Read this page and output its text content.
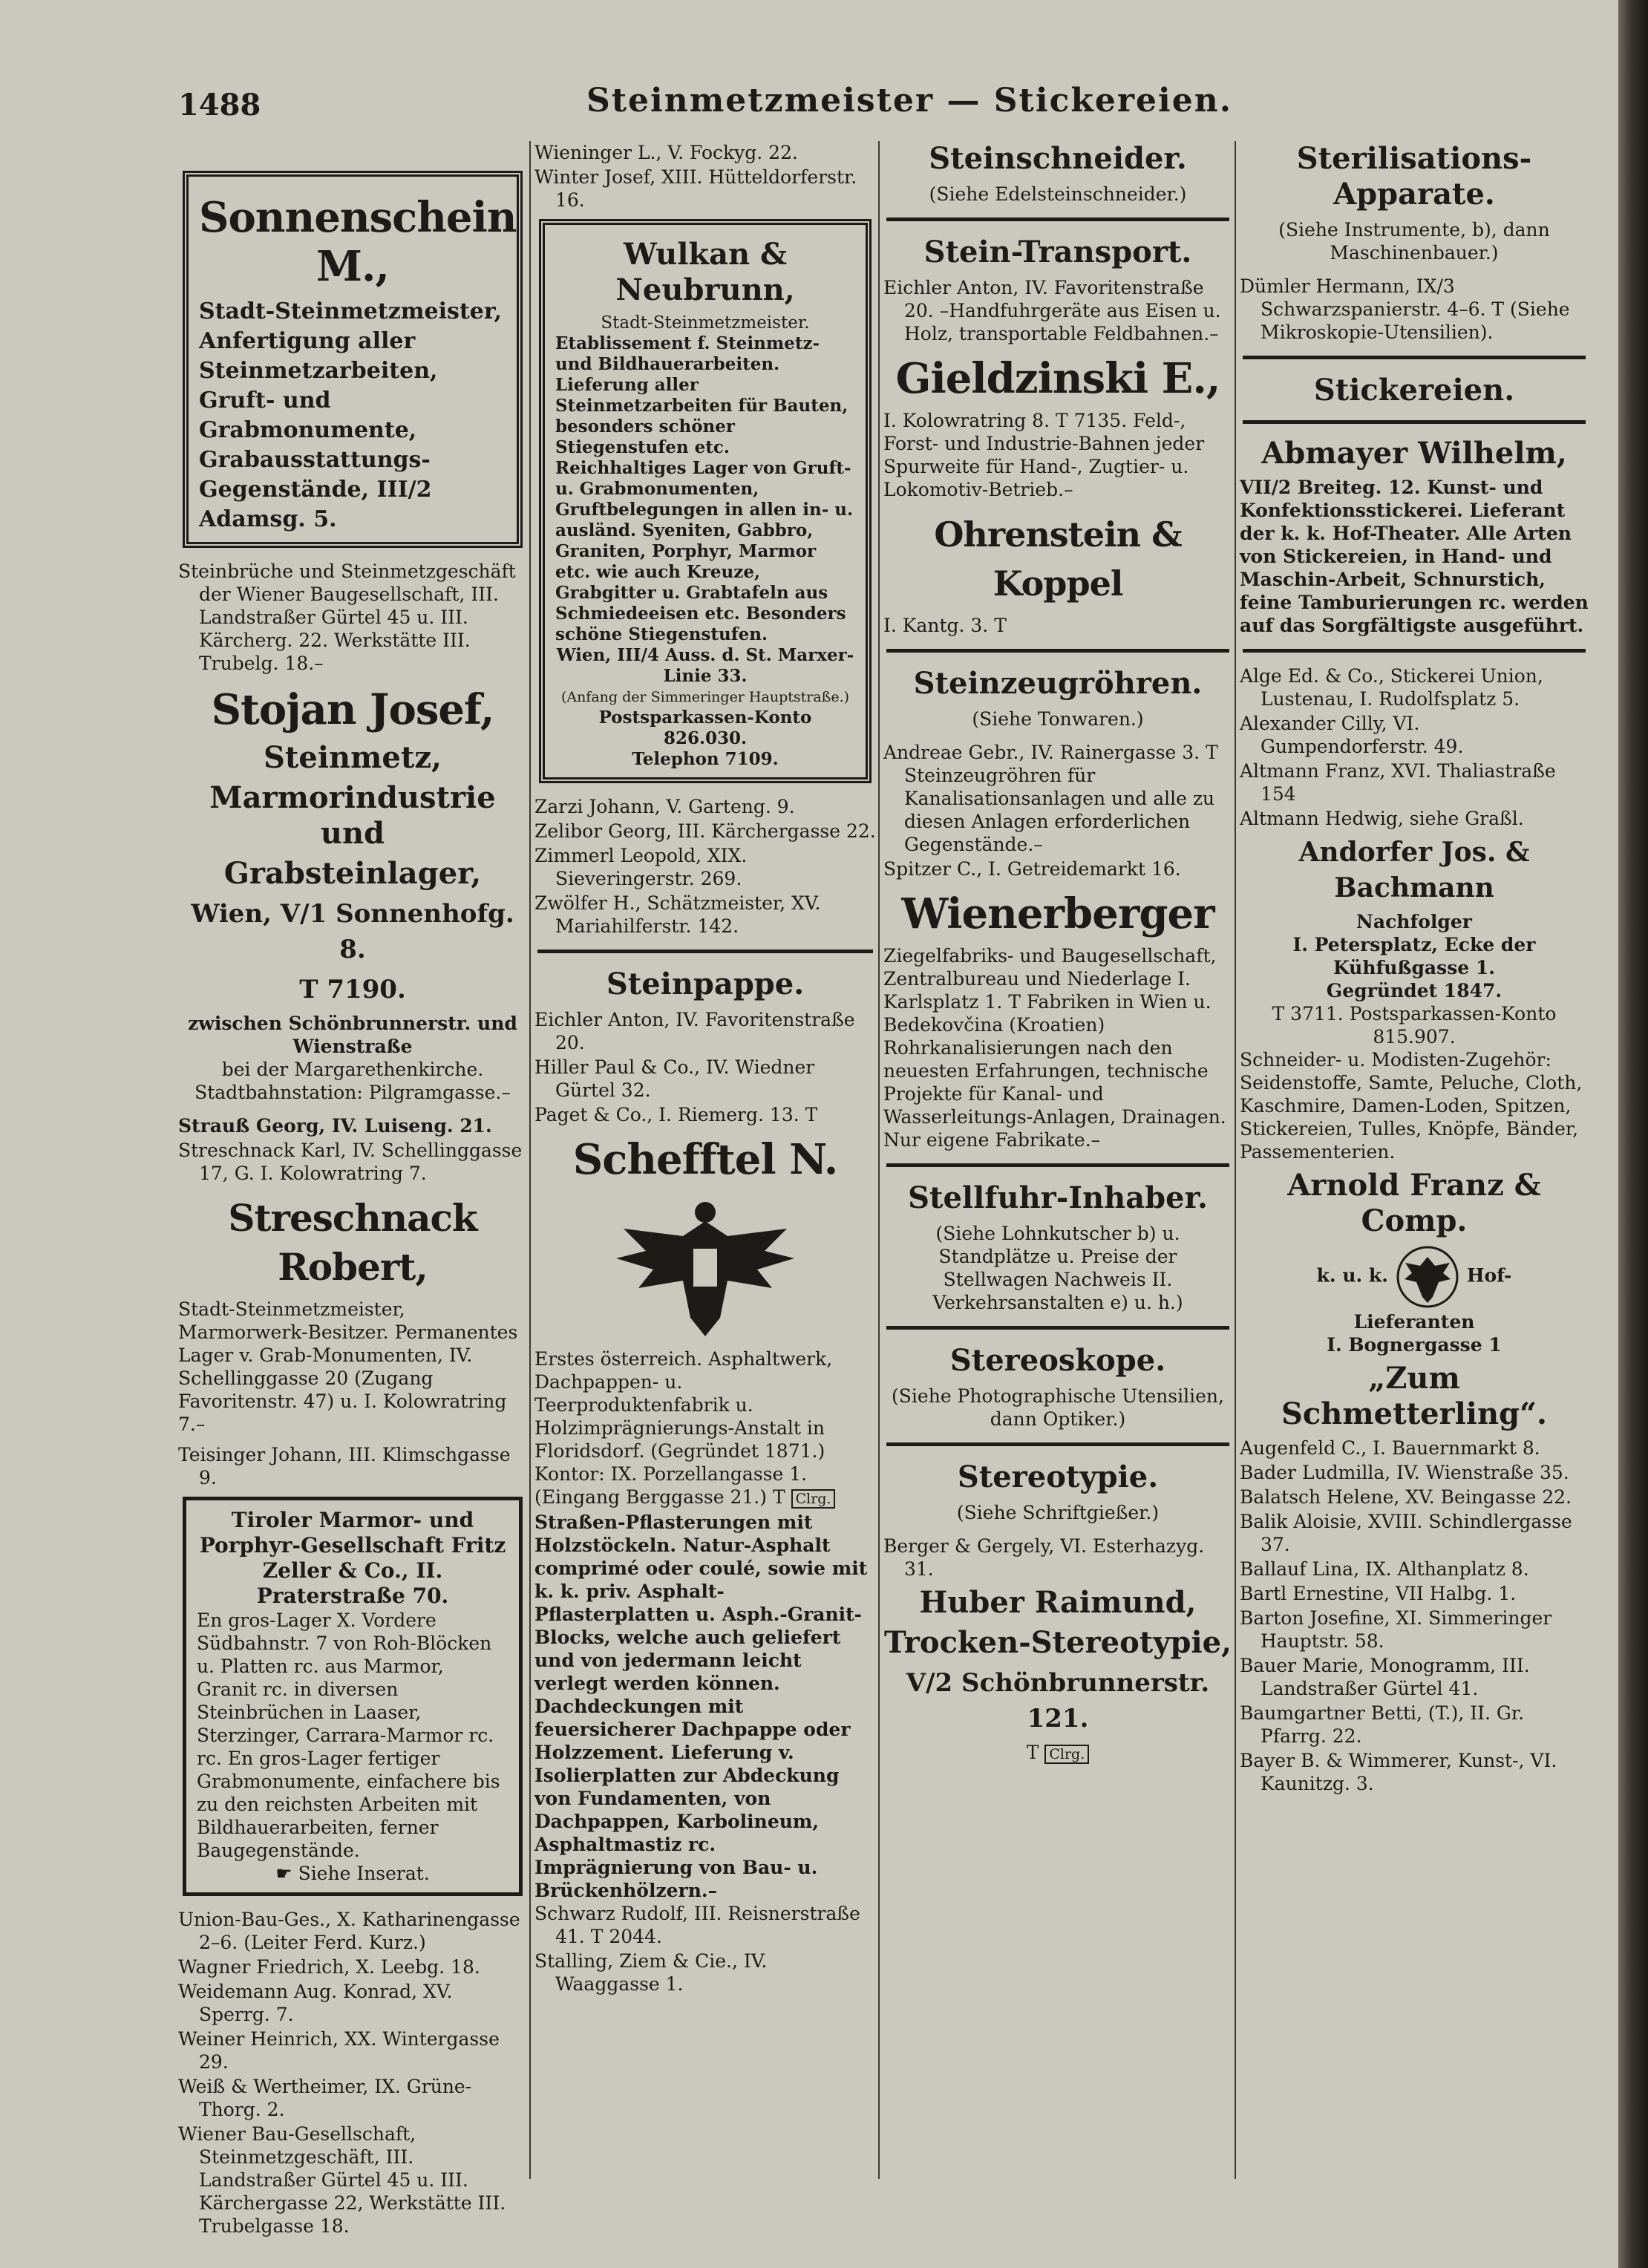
1488	Steinmetzmeister — Stickereien.
Sonnenschein M.,
Stadt-Steinmetzmeister, Anfertigung aller Steinmetzarbeiten, Gruft- und Grabmonumente, Grabausstattungs-Gegenstände, III/2 Adamsg. 5.

Steinbrüche und Steinmetzgeschäft der Wiener Baugesellschaft, III. Landstraßer Gürtel 45 u. III. Kärcherg. 22. Werkstätte III. Trubelg. 18.–

Stojan Josef,
Steinmetz,
Marmorindustrie und
Grabsteinlager,
Wien, V/1 Sonnenhofg. 8.
T 7190.
zwischen Schönbrunnerstr. und Wienstraße
bei der Margarethenkirche.
Stadtbahnstation: Pilgramgasse.–

Strauß Georg, IV. Luiseng. 21.

Streschnack Karl, IV. Schellinggasse 17, G. I. Kolowratring 7.

Streschnack Robert,
Stadt-Steinmetzmeister, Marmorwerk-Besitzer. Permanentes Lager v. Grab-Monumenten, IV. Schellinggasse 20 (Zugang Favoritenstr. 47) u. I. Kolowratring 7.–

Teisinger Johann, III. Klimschgasse 9.

Tiroler Marmor- und Porphyr-Gesellschaft Fritz Zeller & Co., II. Praterstraße 70.
En gros-Lager X. Vordere Südbahnstr. 7 von Roh-Blöcken u. Platten rc. aus Marmor, Granit rc. in diversen Steinbrüchen in Laaser, Sterzinger, Carrara-Marmor rc. rc. En gros-Lager fertiger Grabmonumente, einfachere bis zu den reichsten Arbeiten mit Bildhauerarbeiten, ferner Baugegenstände.
☛ Siehe Inserat.

Union-Bau-Ges., X. Katharinengasse 2–6. (Leiter Ferd. Kurz.)

Wagner Friedrich, X. Leebg. 18.

Weidemann Aug. Konrad, XV. Sperrg. 7.

Weiner Heinrich, XX. Wintergasse 29.

Weiß & Wertheimer, IX. Grüne-Thorg. 2.

Wiener Bau-Gesellschaft, Steinmetzgeschäft, III. Landstraßer Gürtel 45 u. III. Kärchergasse 22, Werkstätte III. Trubelgasse 18.

Wieninger L., V. Fockyg. 22.

Winter Josef, XIII. Hütteldorferstr. 16.

Wulkan & Neubrunn,
Stadt-Steinmetzmeister.
Etablissement f. Steinmetz- und Bildhauerarbeiten. Lieferung aller Steinmetzarbeiten für Bauten, besonders schöner Stiegenstufen etc. Reichhaltiges Lager von Gruft- u. Grabmonumenten, Gruftbelegungen in allen in- u. ausländ. Syeniten, Gabbro, Graniten, Porphyr, Marmor etc. wie auch Kreuze, Grabgitter u. Grabtafeln aus Schmiedeeisen etc. Besonders schöne Stiegenstufen.
Wien, III/4 Auss. d. St. Marxer-Linie 33.
(Anfang der Simmeringer Hauptstraße.)
Postsparkassen-Konto 826.030.
Telephon 7109.

Zarzi Johann, V. Garteng. 9.

Zelibor Georg, III. Kärchergasse 22.

Zimmerl Leopold, XIX. Sieveringerstr. 269.

Zwölfer H., Schätzmeister, XV. Mariahilferstr. 142.

Steinpappe.

Eichler Anton, IV. Favoritenstraße 20.

Hiller Paul & Co., IV. Wiedner Gürtel 32.

Paget & Co., I. Riemerg. 13. T

Schefftel N.
Erstes österreich. Asphaltwerk, Dachpappen- u. Teerproduktenfabrik u. Holzimprägnierungs-Anstalt in Floridsdorf. (Gegründet 1871.) Kontor: IX. Porzellangasse 1. (Eingang Berggasse 21.) T Clrg.
Straßen-Pflasterungen mit Holzstöckeln. Natur-Asphalt comprimé oder coulé, sowie mit k. k. priv. Asphalt-Pflasterplatten u. Asph.-Granit-Blocks, welche auch geliefert und von jedermann leicht verlegt werden können. Dachdeckungen mit feuersicherer Dachpappe oder Holzzement. Lieferung v. Isolierplatten zur Abdeckung von Fundamenten, von Dachpappen, Karbolineum, Asphaltmastiz rc. Imprägnierung von Bau- u. Brückenhölzern.–

Schwarz Rudolf, III. Reisnerstraße 41. T 2044.

Stalling, Ziem & Cie., IV. Waaggasse 1.

Steinschneider.
(Siehe Edelsteinschneider.)
Stein-Transport.

Eichler Anton, IV. Favoritenstraße 20. –Handfuhrgeräte aus Eisen u. Holz, transportable Feldbahnen.–

Gieldzinski E.,
I. Kolowratring 8. T 7135. Feld-, Forst- und Industrie-Bahnen jeder Spurweite für Hand-, Zugtier- u. Lokomotiv-Betrieb.–
Ohrenstein & Koppel
I. Kantg. 3. T
Steinzeugröhren.
(Siehe Tonwaren.)

Andreae Gebr., IV. Rainergasse 3. T Steinzeugröhren für Kanalisationsanlagen und alle zu diesen Anlagen erforderlichen Gegenstände.–

Spitzer C., I. Getreidemarkt 16.

Wienerberger
Ziegelfabriks- und Baugesellschaft, Zentralbureau und Niederlage I. Karlsplatz 1. T Fabriken in Wien u. Bedekovčina (Kroatien) Rohrkanalisierungen nach den neuesten Erfahrungen, technische Projekte für Kanal- und Wasserleitungs-Anlagen, Drainagen. Nur eigene Fabrikate.–
Stellfuhr-Inhaber.
(Siehe Lohnkutscher b) u. Standplätze u. Preise der Stellwagen Nachweis II. Verkehrsanstalten e) u. h.)
Stereoskope.
(Siehe Photographische Utensilien, dann Optiker.)
Stereotypie.
(Siehe Schriftgießer.)

Berger & Gergely, VI. Esterhazyg. 31.

Huber Raimund,
Trocken-Stereotypie,
V/2 Schönbrunnerstr. 121.
T Clrg.
Sterilisations-Apparate.
(Siehe Instrumente, b), dann Maschinenbauer.)

Dümler Hermann, IX/3 Schwarzspanierstr. 4–6. T (Siehe Mikroskopie-Utensilien).

Stickereien.
Abmayer Wilhelm,
VII/2 Breiteg. 12. Kunst- und Konfektionsstickerei. Lieferant der k. k. Hof-Theater. Alle Arten von Stickereien, in Hand- und Maschin-Arbeit, Schnurstich, feine Tamburierungen rc. werden auf das Sorgfältigste ausgeführt.

Alge Ed. & Co., Stickerei Union, Lustenau, I. Rudolfsplatz 5.

Alexander Cilly, VI. Gumpendorferstr. 49.

Altmann Franz, XVI. Thaliastraße 154

Altmann Hedwig, siehe Graßl.

Andorfer Jos. & Bachmann
Nachfolger
I. Petersplatz, Ecke der Kühfußgasse 1.
Gegründet 1847.
T 3711. Postsparkassen-Konto 815.907.
Schneider- u. Modisten-Zugehör: Seidenstoffe, Samte, Peluche, Cloth, Kaschmire, Damen-Loden, Spitzen, Stickereien, Tulles, Knöpfe, Bänder, Passementerien.
Arnold Franz & Comp.
k. u. k.	Hof-
Lieferanten
I. Bognergasse 1
„Zum Schmetterling“.

Augenfeld C., I. Bauernmarkt 8.

Bader Ludmilla, IV. Wienstraße 35.

Balatsch Helene, XV. Beingasse 22.

Balik Aloisie, XVIII. Schindlergasse 37.

Ballauf Lina, IX. Althanplatz 8.

Bartl Ernestine, VII Halbg. 1.

Barton Josefine, XI. Simmeringer Hauptstr. 58.

Bauer Marie, Monogramm, III. Landstraßer Gürtel 41.

Baumgartner Betti, (T.), II. Gr. Pfarrg. 22.

Bayer B. & Wimmerer, Kunst-, VI. Kaunitzg. 3.
